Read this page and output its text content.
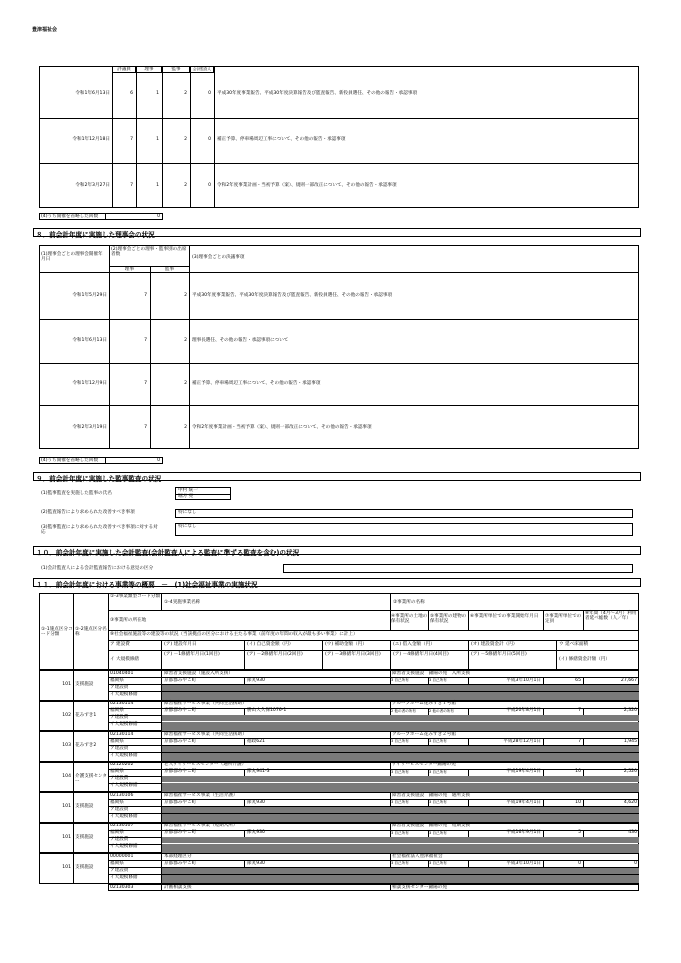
豊津福祉会
評議員	理事	監事	会計監査人
令和1年6月13日	6	1	2	0 平成30年度事業報告、平成30年度決算報告及び監査報告、新役員選任、その他の報告・承認事項
令和1年12月18日	7	1	2	0 補正予算、停車場周辺工事について、その他の報告・承認事項
令和2年3月27日	7	1	2	0 令和2年度事業計画・当初予算（案）、規則一部改正について、その他の報告・承認事項
(4)うち開催を省略した回数	0
８．前会計年度に実施した理事会の状況
(1)理事会ごとの理事会開催年月日
(2)理事会ごとの理事・監事別の出席者数
理事	監事
(3)理事会ごとの決議事項
令和1年5月29日	7	2 平成30年度事業報告、平成30年度決算報告及び監査報告、新役員選任、その他の報告・承認事項
令和1年6月13日	7	2 理事長選任、その他の報告・承認事項について
令和1年12月9日	7	2 補正予算、停車場周辺工事について、その他の報告・承認事項
令和2年3月19日	7	2 令和2年度事業計画・当初予算（案）、規則一部改正について、その他の報告・承認事項
(4)うち開催を省略した回数	0
９．前会計年度に実施した監事監査の状況
(1)監事監査を実施した監事の氏名
中村 統一
堀方 亮
(2)監査報告により求められた改善すべき事項	特になし
(3)監事監査により求められた改善すべき事項に対する対応
特になし
１０．前会計年度に実施した会計監査(会計監査人による監査に準ずる監査を含む)の状況
(1)会計監査人による会計監査報告における意見の区分
１１．前会計年度における事業等の概要　－　(1)社会福祉事業の実施状況
①-1施点区分コード分類
①-2施点区分名称
①-3事業類型コード分類
①-4実施事業名称	②事業所の名称
③事業所の所在地
④事業所の土地の保有状況
⑤事業所の建物の保有状況
⑥事業所単位での事業開始年月日	⑦事業所単位での定員
⑧年間（4月～3月）利用者延べ総数（人／年）
⑨社会福祉施設等の建設等の状況（当該拠点の区分における主たる事業（前年度の年間の収入が最も多い事業）に計上）
ア 建設費	(ア) 建設年月日	(イ) 自己資金額（円）	(ウ) 補助金額（円）	(エ) 借入金額（円）	(オ) 建設資金計（円）	ウ 延べ床面積
イ 大規模修繕
(ア) －1修繕年月日(1回目)	(ア) －2修繕年月日(2回目)	(ア) －3修繕年月日(3回目)	(ア) －4修繕年月日(4回目)	(ア) －5修繕年月日(5回目)
(イ) 修繕資金計額（円）
101 支援施設
01040401	障害者支援施設（施設入所支援）	障害者支援施設　錦陽の苑　入所支援
福岡県	京都郡みやこ町	節丸930	3 自己所有	3 自己所有	平成3年10月1日	65	27,667
ア建設費
イ大規模修繕
102 花みずき1
02130114	障害福祉サービス事業（共同生活援助）	グループホーム花みずき１号館
福岡県	京都郡みやこ町	勝山大久保1076-1	2 他の者の所有	2 他の者の所有	平成20年8月1日	7	2,320
ア建設費
イ大規模修繕
103 花みずき2
02130114	障害福祉サービス事業（共同生活援助）	グループホーム花みずき２号館
福岡県	京都郡みやこ町	徳政621	3 自己所有	3 自己所有	平成28年12月1日	7	1,945
ア建設費
イ大規模修繕
104 介護支援センター
02120202	老人デイサービスセンター（通所介護）	デイサービスセンター錦陽の苑
福岡県	京都郡みやこ町	節丸941-3	3 自己所有	3 自己所有	平成19年4月1日	10	2,520
ア建設費
イ大規模修繕
101 支援施設
02130106	障害福祉サービス事業（生活介護）	障害者支援施設　錦陽の苑　通所支援
福岡県	京都郡みやこ町	節丸930	3 自己所有	3 自己所有	平成19年4月1日	10	4,620
ア建設費
イ大規模修繕
101 支援施設
02130107	障害福祉サービス事業（短期入所）	障害者支援施設　錦陽の苑　短期支援
福岡県	京都郡みやこ町	節丸930	3 自己所有	3 自己所有	平成16年9月1日	5	430
ア建設費
イ大規模修繕
101 支援施設
00000001	本部経理区分	社会福祉法人豊津福祉会
福岡県	京都郡みやこ町	節丸930	3 自己所有	3 自己所有	平成3年10月1日	0	0
ア建設費
イ大規模修繕
02130303	計画相談支援	相談支援センター錦陽の苑
